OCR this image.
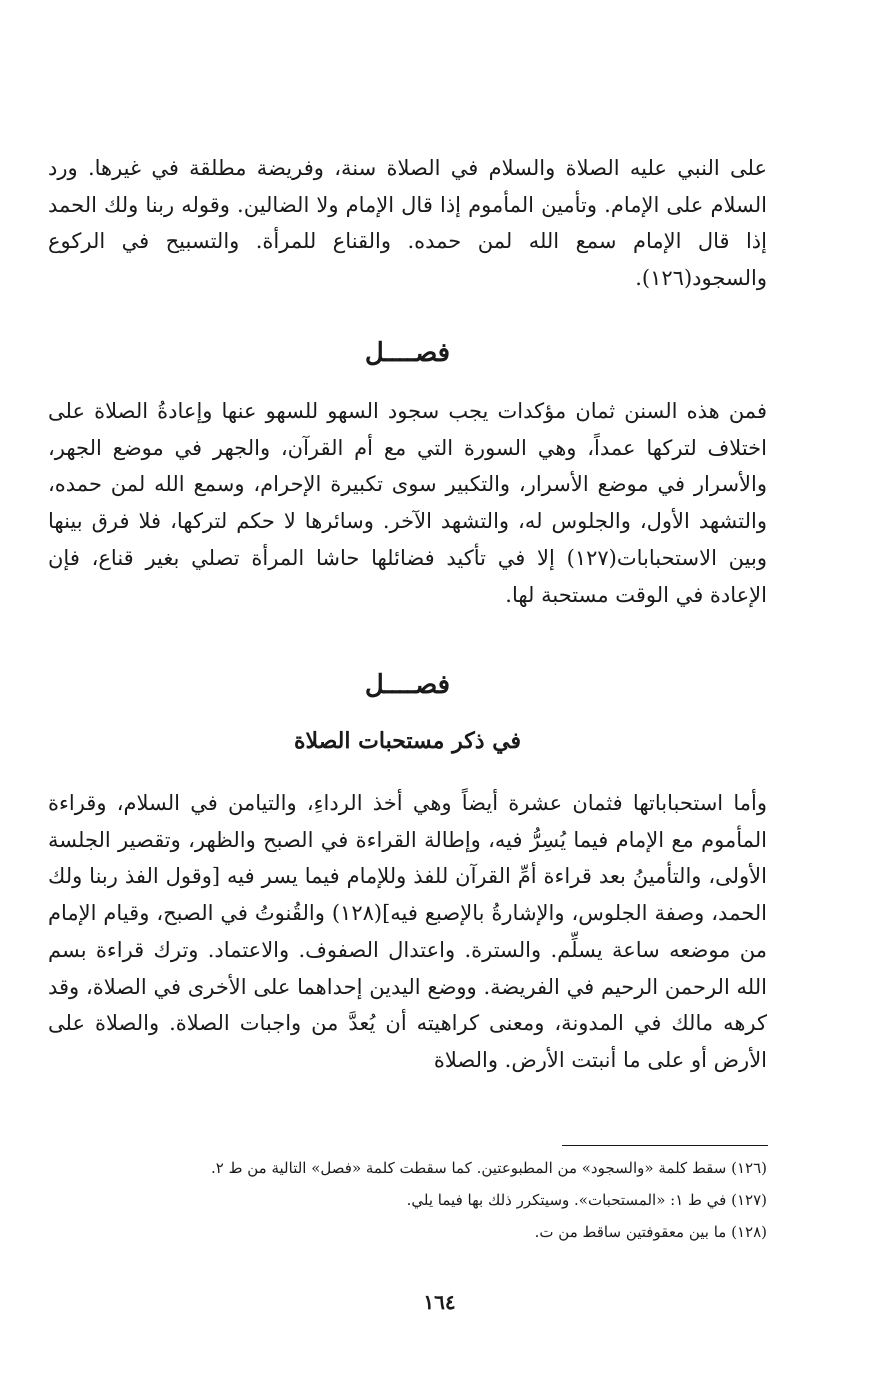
على النبي عليه الصلاة والسلام في الصلاة سنة، وفريضة مطلقة في غيرها. ورد السلام على الإمام. وتأمين المأموم إذا قال الإمام ولا الضالين. وقوله ربنا ولك الحمد إذا قال الإمام سمع الله لمن حمده. والقناع للمرأة. والتسبيح في الركوع والسجود(١٢٦).

فصــــل

فمن هذه السنن ثمان مؤكدات يجب سجود السهو للسهو عنها وإعادةُ الصلاة على اختلاف لتركها عمداً، وهي السورة التي مع أم القرآن، والجهر في موضع الجهر، والأسرار في موضع الأسرار، والتكبير سوى تكبيرة الإحرام، وسمع الله لمن حمده، والتشهد الأول، والجلوس له، والتشهد الآخر. وسائرها لا حكم لتركها، فلا فرق بينها وبين الاستحبابات(١٢٧) إلا في تأكيد فضائلها حاشا المرأة تصلي بغير قناع، فإن الإعادة في الوقت مستحبة لها.

فصــــل
في ذكر مستحبات الصلاة

وأما استحباباتها فثمان عشرة أيضاً وهي أخذ الرداءِ، والتيامن في السلام، وقراءة المأموم مع الإمام فيما يُسِرُّ فيه، وإطالة القراءة في الصبح والظهر، وتقصير الجلسة الأولى، والتأمينُ بعد قراءة أمِّ القرآن للفذ وللإمام فيما يسر فيه [وقول الفذ ربنا ولك الحمد، وصفة الجلوس، والإشارةُ بالإصبع فيه](١٢٨) والقُنوتُ في الصبح، وقيام الإمام من موضعه ساعة يسلِّم. والسترة. واعتدال الصفوف. والاعتماد. وترك قراءة بسم الله الرحمن الرحيم في الفريضة. ووضع اليدين إحداهما على الأخرى في الصلاة، وقد كرهه مالك في المدونة، ومعنى كراهيته أن يُعدَّ من واجبات الصلاة. والصلاة على الأرض أو على ما أنبتت الأرض. والصلاة

(١٢٦) سقط كلمة «والسجود» من المطبوعتين. كما سقطت كلمة «فصل» التالية من ط ٢.
(١٢٧) في ط ١: «المستحبات». وسيتكرر ذلك بها فيما يلي.
(١٢٨) ما بين معقوفتين ساقط من ت.
١٦٤
